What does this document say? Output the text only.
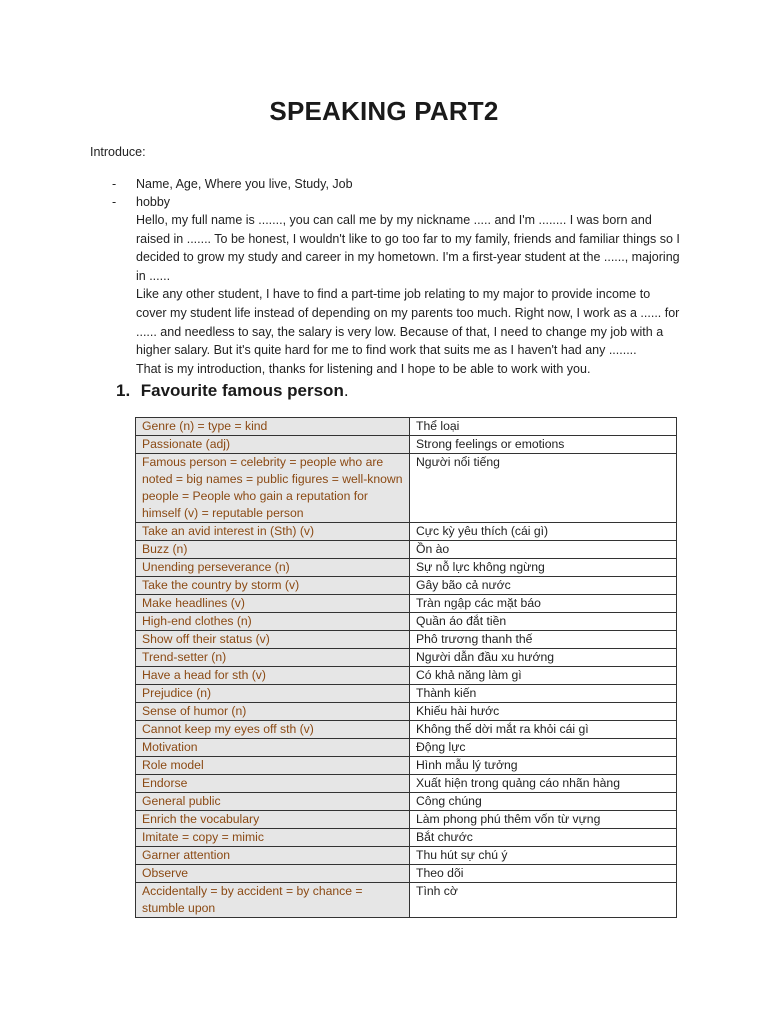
SPEAKING PART2
Introduce:
-	Name, Age, Where you live, Study, Job
-	hobby

Hello, my full name is ......., you can call me by my nickname ..... and I'm ........ I was born and raised in ....... To be honest, I wouldn't like to go too far to my family, friends and familiar things so I decided to grow my study and career in my hometown. I'm a first-year student at the ......, majoring in ......

Like any other student, I have to find a part-time job relating to my major to provide income to cover my student life instead of depending on my parents too much. Right now, I work as a ...... for ...... and needless to say, the salary is very low. Because of that, I need to change my job with a higher salary. But it's quite hard for me to find work that suits me as I haven't had any ........

That is my introduction, thanks for listening and I hope to be able to work with you.

1. Favourite famous person.
Genre (n) = type = kind	Thể loại
Passionate (adj)	Strong feelings or emotions
Famous person = celebrity = people who are noted = big names = public figures = well-known people = People who gain a reputation for himself (v) = reputable person	Người nổi tiếng
Take an avid interest in (Sth) (v)	Cực kỳ yêu thích (cái gì)
Buzz (n)	Ồn ào
Unending perseverance (n)	Sự nỗ lực không ngừng
Take the country by storm (v)	Gây bão cả nước
Make headlines (v)	Tràn ngập các mặt báo
High-end clothes (n)	Quần áo đắt tiền
Show off their status (v)	Phô trương thanh thế
Trend-setter (n)	Người dẫn đầu xu hướng
Have a head for sth (v)	Có khả năng làm gì
Prejudice (n)	Thành kiến
Sense of humor (n)	Khiếu hài hước
Cannot keep my eyes off sth (v)	Không thể dời mắt ra khỏi cái gì
Motivation	Động lực
Role model	Hình mẫu lý tưởng
Endorse	Xuất hiện trong quảng cáo nhãn hàng
General public	Công chúng
Enrich the vocabulary	Làm phong phú thêm vốn từ vựng
Imitate = copy = mimic	Bắt chước
Garner attention	Thu hút sự chú ý
Observe	Theo dõi
Accidentally = by accident = by chance = stumble upon	Tình cờ
